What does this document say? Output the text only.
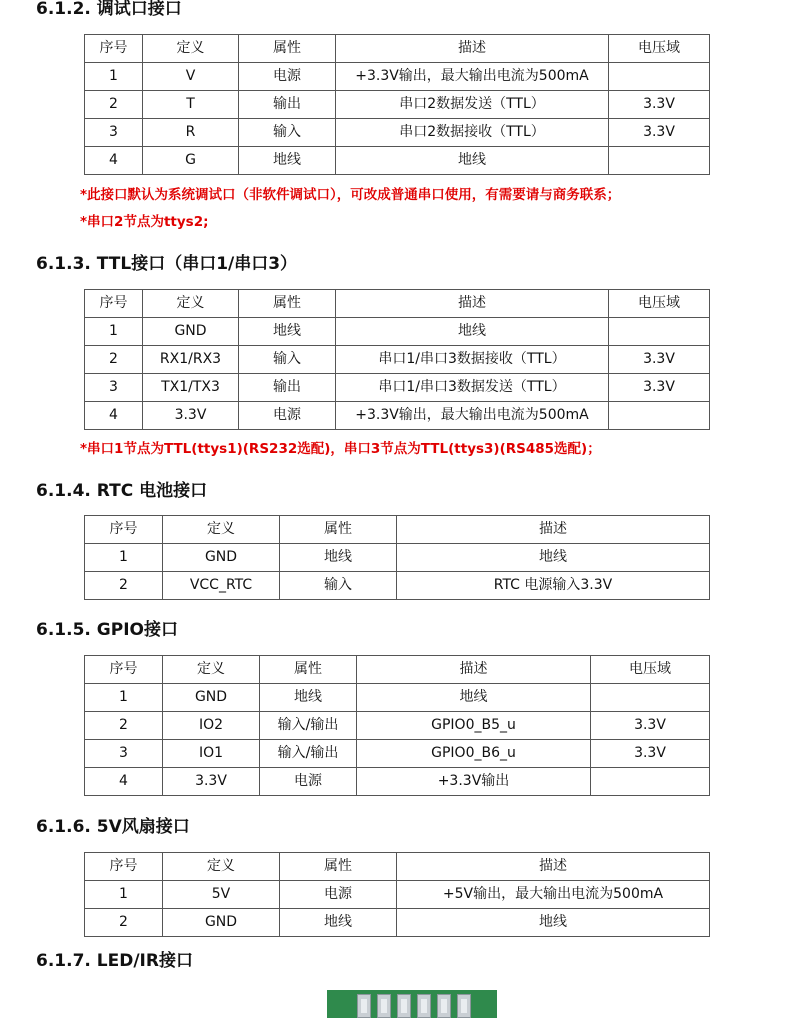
6.1.2. 调试口接口
序号	定义	属性	描述	电压域
1	V	电源	+3.3V输出，最大输出电流为500mA	
2	T	输出	串口2数据发送（TTL）	3.3V
3	R	输入	串口2数据接收（TTL）	3.3V
4	G	地线	地线	

*此接口默认为系统调试口（非软件调试口），可改成普通串口使用，有需要请与商务联系；

*串口2节点为ttys2;

6.1.3. TTL接口（串口1/串口3）
序号	定义	属性	描述	电压域
1	GND	地线	地线	
2	RX1/RX3	输入	串口1/串口3数据接收（TTL）	3.3V
3	TX1/TX3	输出	串口1/串口3数据发送（TTL）	3.3V
4	3.3V	电源	+3.3V输出，最大输出电流为500mA	

*串口1节点为TTL(ttys1)(RS232选配)，串口3节点为TTL(ttys3)(RS485选配)；

6.1.4. RTC 电池接口
序号	定义	属性	描述
1	GND	地线	地线
2	VCC_RTC	输入	RTC 电源输入3.3V
6.1.5. GPIO接口
序号	定义	属性	描述	电压域
1	GND	地线	地线	
2	IO2	输入/输出	GPIO0_B5_u	3.3V
3	IO1	输入/输出	GPIO0_B6_u	3.3V
4	3.3V	电源	+3.3V输出	
6.1.6. 5V风扇接口
序号	定义	属性	描述
1	5V	电源	+5V输出，最大输出电流为500mA
2	GND	地线	地线
6.1.7. LED/IR接口
